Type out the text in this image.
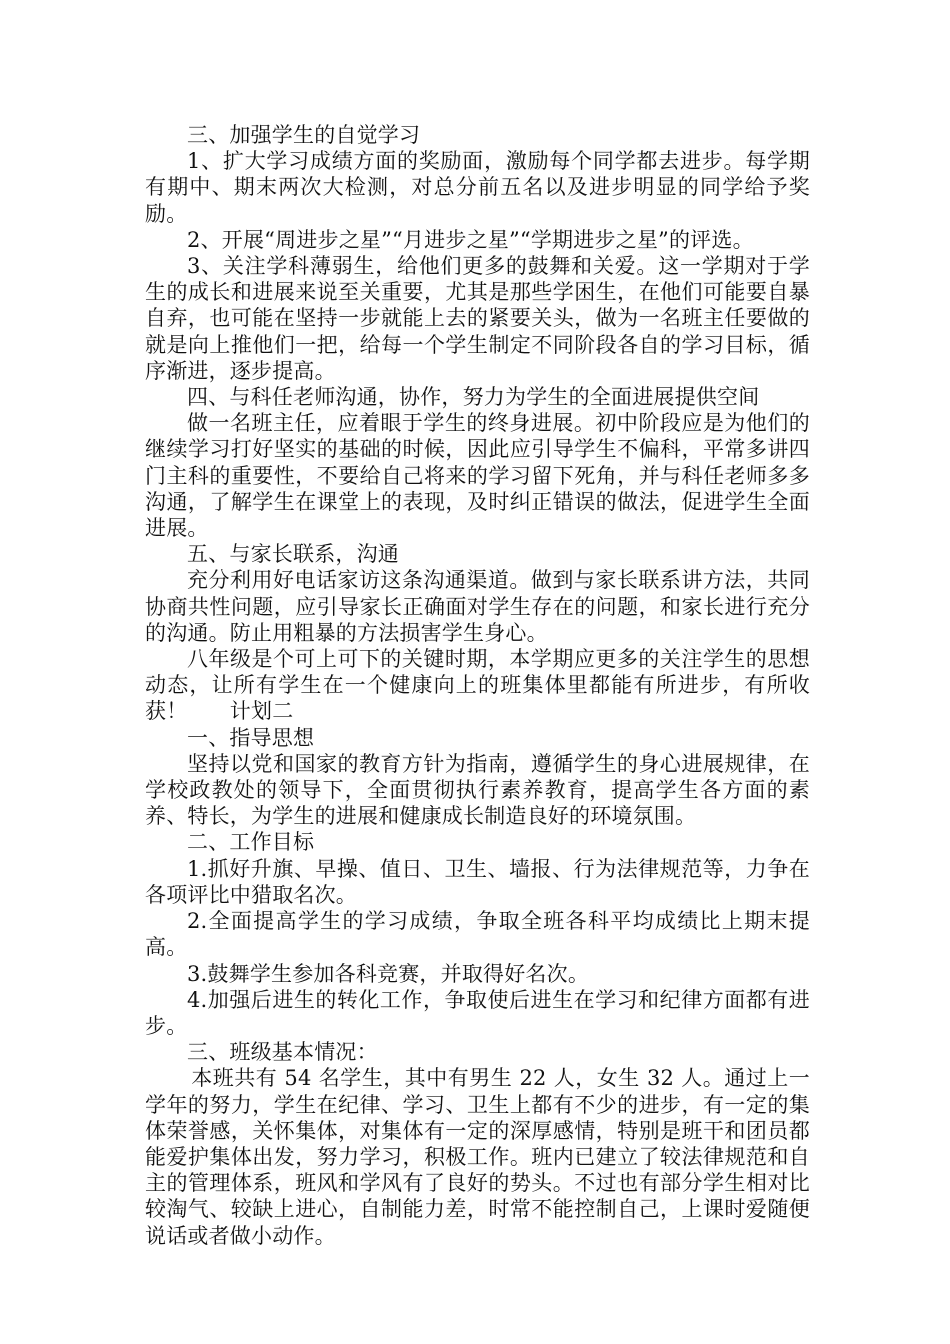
三、加强学生的自觉学习

1、扩大学习成绩方面的奖励面，激励每个同学都去进步。每学期有期中、期末两次大检测，对总分前五名以及进步明显的同学给予奖励。

2、开展“周进步之星”“月进步之星”“学期进步之星”的评选。

3、关注学科薄弱生，给他们更多的鼓舞和关爱。这一学期对于学生的成长和进展来说至关重要，尤其是那些学困生，在他们可能要自暴自弃，也可能在坚持一步就能上去的紧要关头，做为一名班主任要做的就是向上推他们一把，给每一个学生制定不同阶段各自的学习目标，循序渐进，逐步提高。

四、与科任老师沟通，协作，努力为学生的全面进展提供空间

做一名班主任，应着眼于学生的终身进展。初中阶段应是为他们的继续学习打好坚实的基础的时候，因此应引导学生不偏科，平常多讲四门主科的重要性，不要给自己将来的学习留下死角，并与科任老师多多沟通，了解学生在课堂上的表现，及时纠正错误的做法，促进学生全面进展。

五、与家长联系，沟通

充分利用好电话家访这条沟通渠道。做到与家长联系讲方法，共同协商共性问题，应引导家长正确面对学生存在的问题，和家长进行充分的沟通。防止用粗暴的方法损害学生身心。

八年级是个可上可下的关键时期，本学期应更多的关注学生的思想动态，让所有学生在一个健康向上的班集体里都能有所进步，有所收获！　　计划二

一、指导思想

坚持以党和国家的教育方针为指南，遵循学生的身心进展规律，在学校政教处的领导下，全面贯彻执行素养教育，提高学生各方面的素养、特长，为学生的进展和健康成长制造良好的环境氛围。

二、工作目标

1.抓好升旗、早操、值日、卫生、墙报、行为法律规范等，力争在各项评比中猎取名次。

2.全面提高学生的学习成绩，争取全班各科平均成绩比上期末提高。

3.鼓舞学生参加各科竞赛，并取得好名次。

4.加强后进生的转化工作，争取使后进生在学习和纪律方面都有进步。

三、班级基本情况：

本班共有 54 名学生，其中有男生 22 人，女生 32 人。通过上一学年的努力，学生在纪律、学习、卫生上都有不少的进步，有一定的集体荣誉感，关怀集体，对集体有一定的深厚感情，特别是班干和团员都能爱护集体出发，努力学习，积极工作。班内已建立了较法律规范和自主的管理体系，班风和学风有了良好的势头。不过也有部分学生相对比较淘气、较缺上进心，自制能力差，时常不能控制自己，上课时爱随便说话或者做小动作。
